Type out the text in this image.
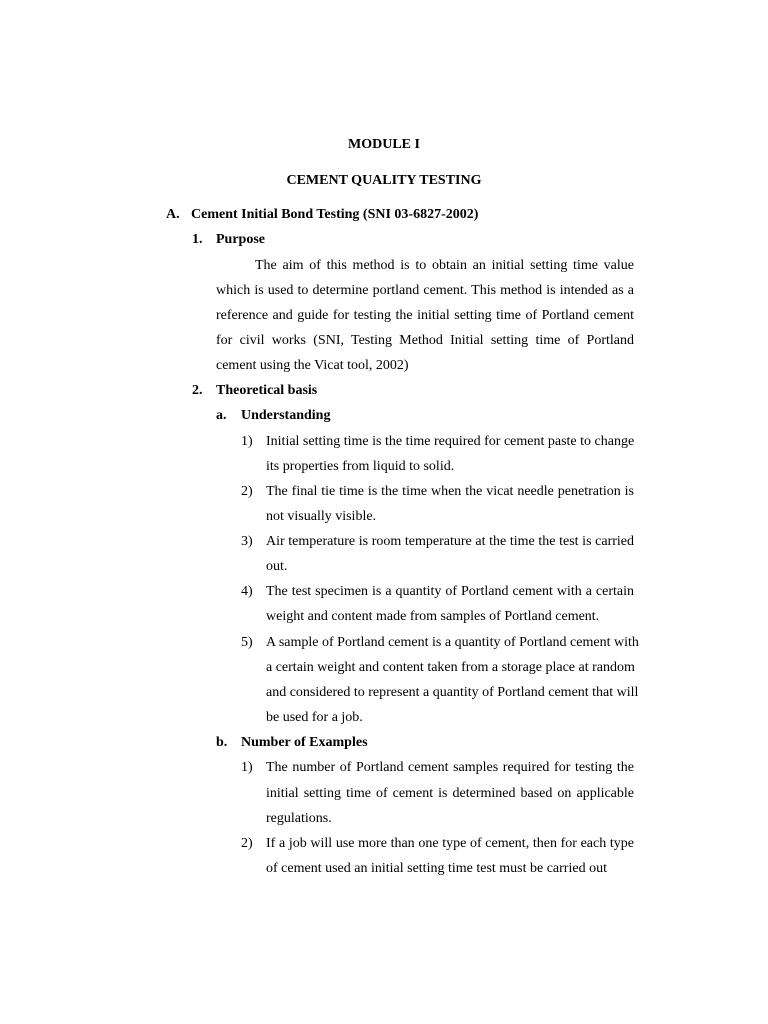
MODULE I
CEMENT QUALITY TESTING
A. Cement Initial Bond Testing (SNI 03-6827-2002)
1. Purpose
The aim of this method is to obtain an initial setting time value
which is used to determine portland cement. This method is intended as a
reference and guide for testing the initial setting time of Portland cement
for civil works (SNI, Testing Method Initial setting time of Portland
cement using the Vicat tool, 2002)
2. Theoretical basis
a. Understanding
1) Initial setting time is the time required for cement paste to change
its properties from liquid to solid.
2) The final tie time is the time when the vicat needle penetration is
not visually visible.
3) Air temperature is room temperature at the time the test is carried
out.
4) The test specimen is a quantity of Portland cement with a certain
weight and content made from samples of Portland cement.
5) A sample of Portland cement is a quantity of Portland cement with
a certain weight and content taken from a storage place at random
and considered to represent a quantity of Portland cement that will
be used for a job.
b. Number of Examples
1) The number of Portland cement samples required for testing the
initial setting time of cement is determined based on applicable
regulations.
2) If a job will use more than one type of cement, then for each type
of cement used an initial setting time test must be carried out
